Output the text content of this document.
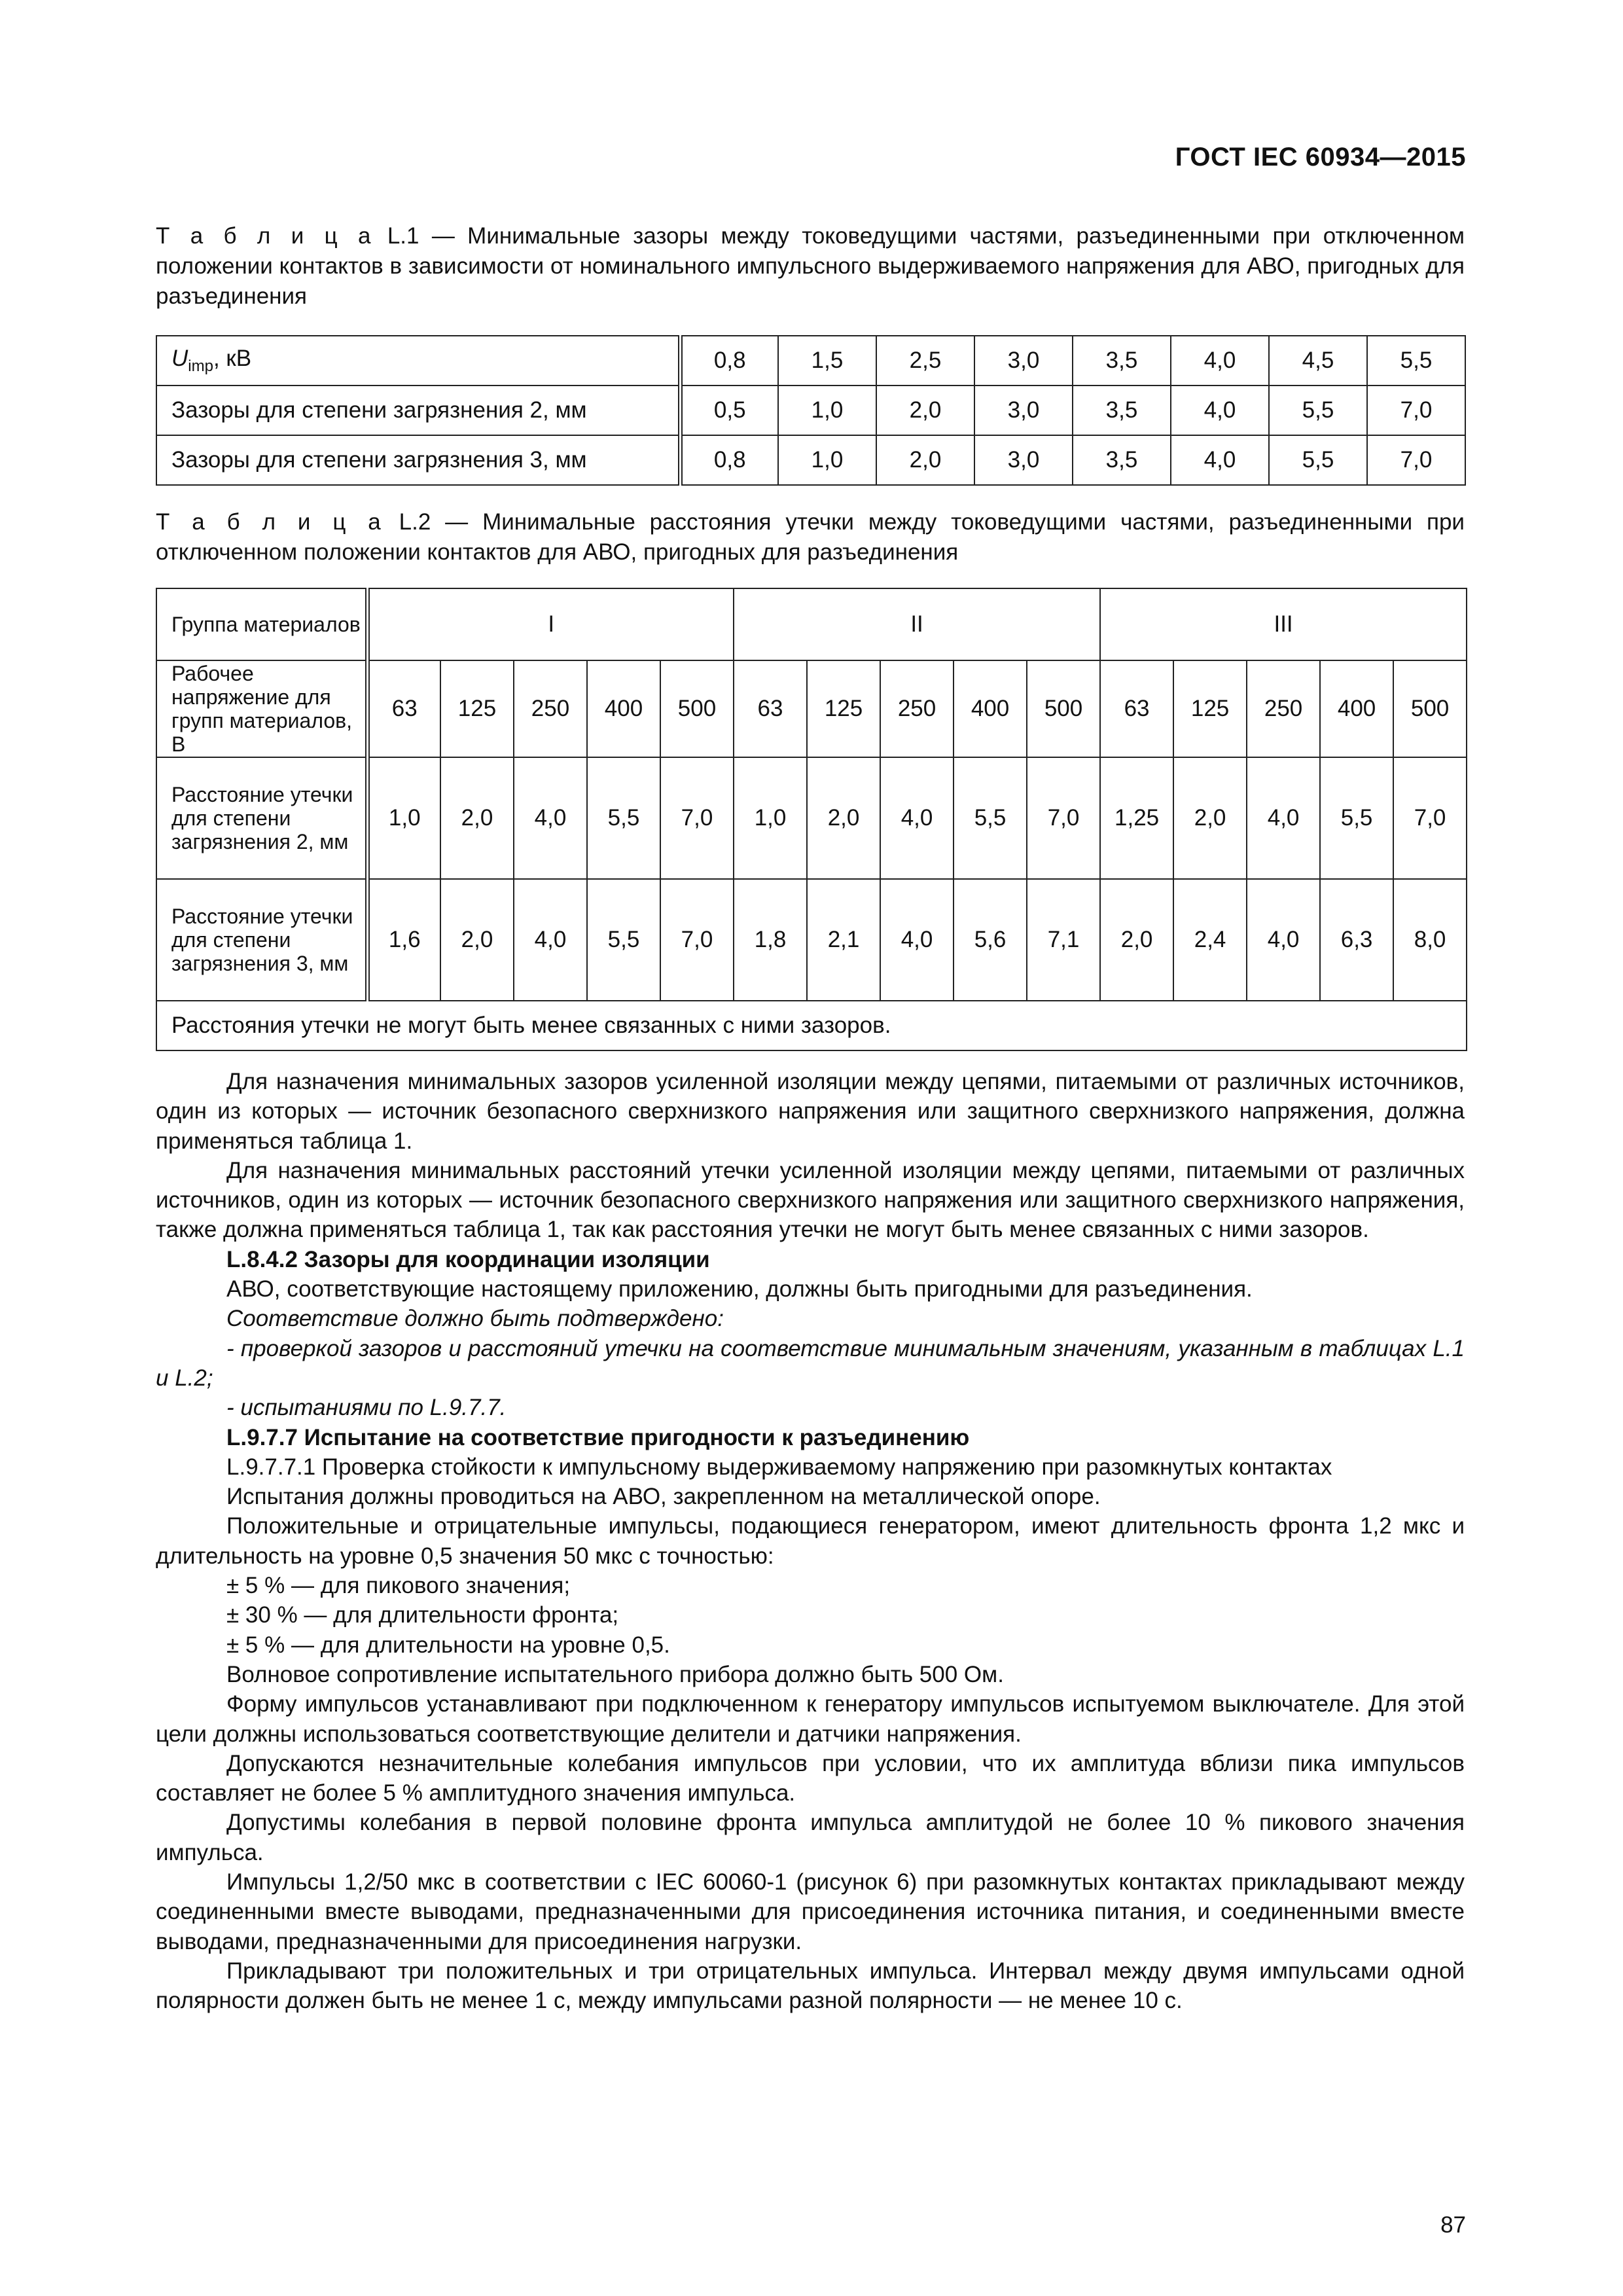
ГОСТ IEC 60934—2015
Т а б л и ц а L.1 — Минимальные зазоры между токоведущими частями, разъединенными при отключенном положении контактов в зависимости от номинального импульсного выдерживаемого напряжения для АВО, пригодных для разъединения
$U_{imp}$, кВ	0,8	1,5	2,5	3,0	3,5	4,0	4,5	5,5
Зазоры для степени загрязнения 2, мм	0,5	1,0	2,0	3,0	3,5	4,0	5,5	7,0
Зазоры для степени загрязнения 3, мм	0,8	1,0	2,0	3,0	3,5	4,0	5,5	7,0
Т а б л и ц а L.2 — Минимальные расстояния утечки между токоведущими частями, разъединенными при отключенном положении контактов для АВО, пригодных для разъединения
Группа материалов	I					II					III				
Рабочее напряжение для групп материалов, В	63	125	250	400	500	63	125	250	400	500	63	125	250	400	500
Расстояние утечки для степени загрязнения 2, мм	1,0	2,0	4,0	5,5	7,0	1,0	2,0	4,0	5,5	7,0	1,25	2,0	4,0	5,5	7,0
Расстояние утечки для степени загрязнения 3, мм	1,6	2,0	4,0	5,5	7,0	1,8	2,1	4,0	5,6	7,1	2,0	2,4	4,0	6,3	8,0
Расстояния утечки не могут быть менее связанных с ними зазоров.															

Для назначения минимальных зазоров усиленной изоляции между цепями, питаемыми от различных источников, один из которых — источник безопасного сверхнизкого напряжения или защитного сверхнизкого напряжения, должна применяться таблица 1.

Для назначения минимальных расстояний утечки усиленной изоляции между цепями, питаемыми от различных источников, один из которых — источник безопасного сверхнизкого напряжения или защитного сверхнизкого напряжения, также должна применяться таблица 1, так как расстояния утечки не могут быть менее связанных с ними зазоров.

L.8.4.2 Зазоры для координации изоляции

АВО, соответствующие настоящему приложению, должны быть пригодными для разъединения.

Соответствие должно быть подтверждено:

- проверкой зазоров и расстояний утечки на соответствие минимальным значениям, указанным в таблицах L.1 и L.2;

- испытаниями по L.9.7.7.

L.9.7.7 Испытание на соответствие пригодности к разъединению

L.9.7.7.1 Проверка стойкости к импульсному выдерживаемому напряжению при разомкнутых контактах

Испытания должны проводиться на АВО, закрепленном на металлической опоре.

Положительные и отрицательные импульсы, подающиеся генератором, имеют длительность фронта 1,2 мкс и длительность на уровне 0,5 значения 50 мкс с точностью:

± 5 % — для пикового значения;

± 30 % — для длительности фронта;

± 5 % — для длительности на уровне 0,5.

Волновое сопротивление испытательного прибора должно быть 500 Ом.

Форму импульсов устанавливают при подключенном к генератору импульсов испытуемом выключателе. Для этой цели должны использоваться соответствующие делители и датчики напряжения.

Допускаются незначительные колебания импульсов при условии, что их амплитуда вблизи пика импульсов составляет не более 5 % амплитудного значения импульса.

Допустимы колебания в первой половине фронта импульса амплитудой не более 10 % пикового значения импульса.

Импульсы 1,2/50 мкс в соответствии с IEC 60060-1 (рисунок 6) при разомкнутых контактах прикладывают между соединенными вместе выводами, предназначенными для присоединения источника питания, и соединенными вместе выводами, предназначенными для присоединения нагрузки.

Прикладывают три положительных и три отрицательных импульса. Интервал между двумя импульсами одной полярности должен быть не менее 1 с, между импульсами разной полярности — не менее 10 с.

87
